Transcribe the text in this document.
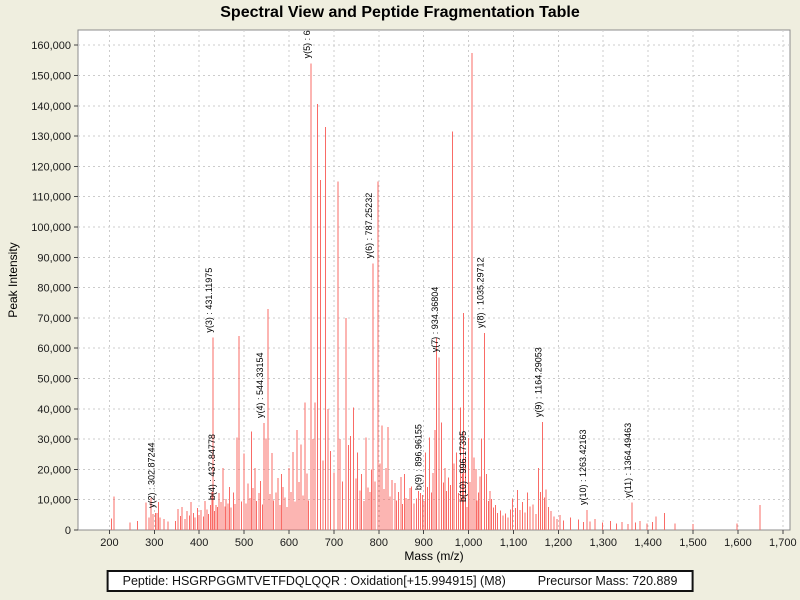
Spectral View and Peptide Fragmentation Table
200 300 400 500 600 700 800 900 1,000 1,100 1,200 1,300 1,400 1,500 1,600 1,700
0
10,000
20,000
30,000
40,000
50,000
60,000
70,000
80,000
90,000
100,000
110,000
120,000
130,000
140,000
150,000
160,000
Mass (m/z)
Peak Intensity
y(2) : 302.87244
y(3) : 431.11975
b(4) : 437.84778
y(4) : 544.33154
y(5) : 6
y(6) : 787.25232
b(9) : 896.96155
y(7) : 934.36804
b(10) : 996.17395
y(8) : 1035.29712
y(9) : 1164.29053
y(10) : 1263.42163	y(11) : 1364.49463
Peptide: HSGRPGGMTVETFDQLQQR : Oxidation[+15.994915] (M8)	Precursor Mass: 720.889
